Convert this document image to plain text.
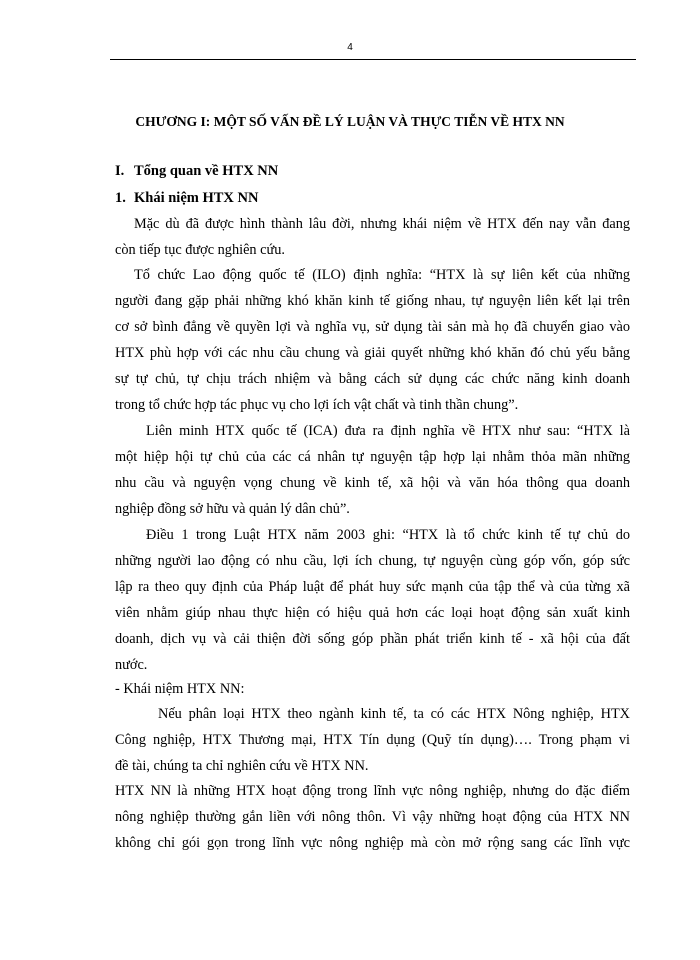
4
CHƯƠNG I: MỘT SỐ VẤN ĐỀ LÝ LUẬN VÀ THỰC TIỄN VỀ HTX NN
I. Tổng quan về HTX NN
1. Khái niệm HTX NN
Mặc dù đã được hình thành lâu đời, nhưng khái niệm về HTX đến nay vẫn đang
còn tiếp tục được nghiên cứu.
Tổ chức Lao động quốc tế (ILO) định nghĩa: “HTX là sự liên kết của những
người đang gặp phải những khó khăn kinh tế giống nhau, tự nguyện liên kết lại trên
cơ sở bình đẳng về quyền lợi và nghĩa vụ, sử dụng tài sản mà họ đã chuyển giao vào
HTX phù hợp với các nhu cầu chung và giải quyết những khó khăn đó chủ yếu bằng
sự tự chủ, tự chịu trách nhiệm và bằng cách sử dụng các chức năng kinh doanh
trong tổ chức hợp tác phục vụ cho lợi ích vật chất và tinh thần chung”.
Liên minh HTX quốc tế (ICA) đưa ra định nghĩa về HTX như sau: “HTX là
một hiệp hội tự chủ của các cá nhân tự nguyện tập hợp lại nhằm thỏa mãn những
nhu cầu và nguyện vọng chung về kinh tế, xã hội và văn hóa thông qua doanh
nghiệp đồng sở hữu và quản lý dân chủ”.
Điều 1 trong Luật HTX năm 2003 ghi: “HTX là tổ chức kinh tế tự chủ do
những người lao động có nhu cầu, lợi ích chung, tự nguyện cùng góp vốn, góp sức
lập ra theo quy định của Pháp luật để phát huy sức mạnh của tập thể và của từng xã
viên nhằm giúp nhau thực hiện có hiệu quả hơn các loại hoạt động sản xuất kinh
doanh, dịch vụ và cải thiện đời sống góp phần phát triển kinh tế - xã hội của đất
nước.
- Khái niệm HTX NN:
Nếu phân loại HTX theo ngành kinh tế, ta có các HTX Nông nghiệp, HTX
Công nghiệp, HTX Thương mại, HTX Tín dụng (Quỹ tín dụng)…. Trong phạm vi
đề tài, chúng ta chỉ nghiên cứu về HTX NN.
HTX NN là những HTX hoạt động trong lĩnh vực nông nghiệp, nhưng do đặc điểm
nông nghiệp thường gắn liền với nông thôn. Vì vậy những hoạt động của HTX NN
không chỉ gói gọn trong lĩnh vực nông nghiệp mà còn mở rộng sang các lĩnh vực
